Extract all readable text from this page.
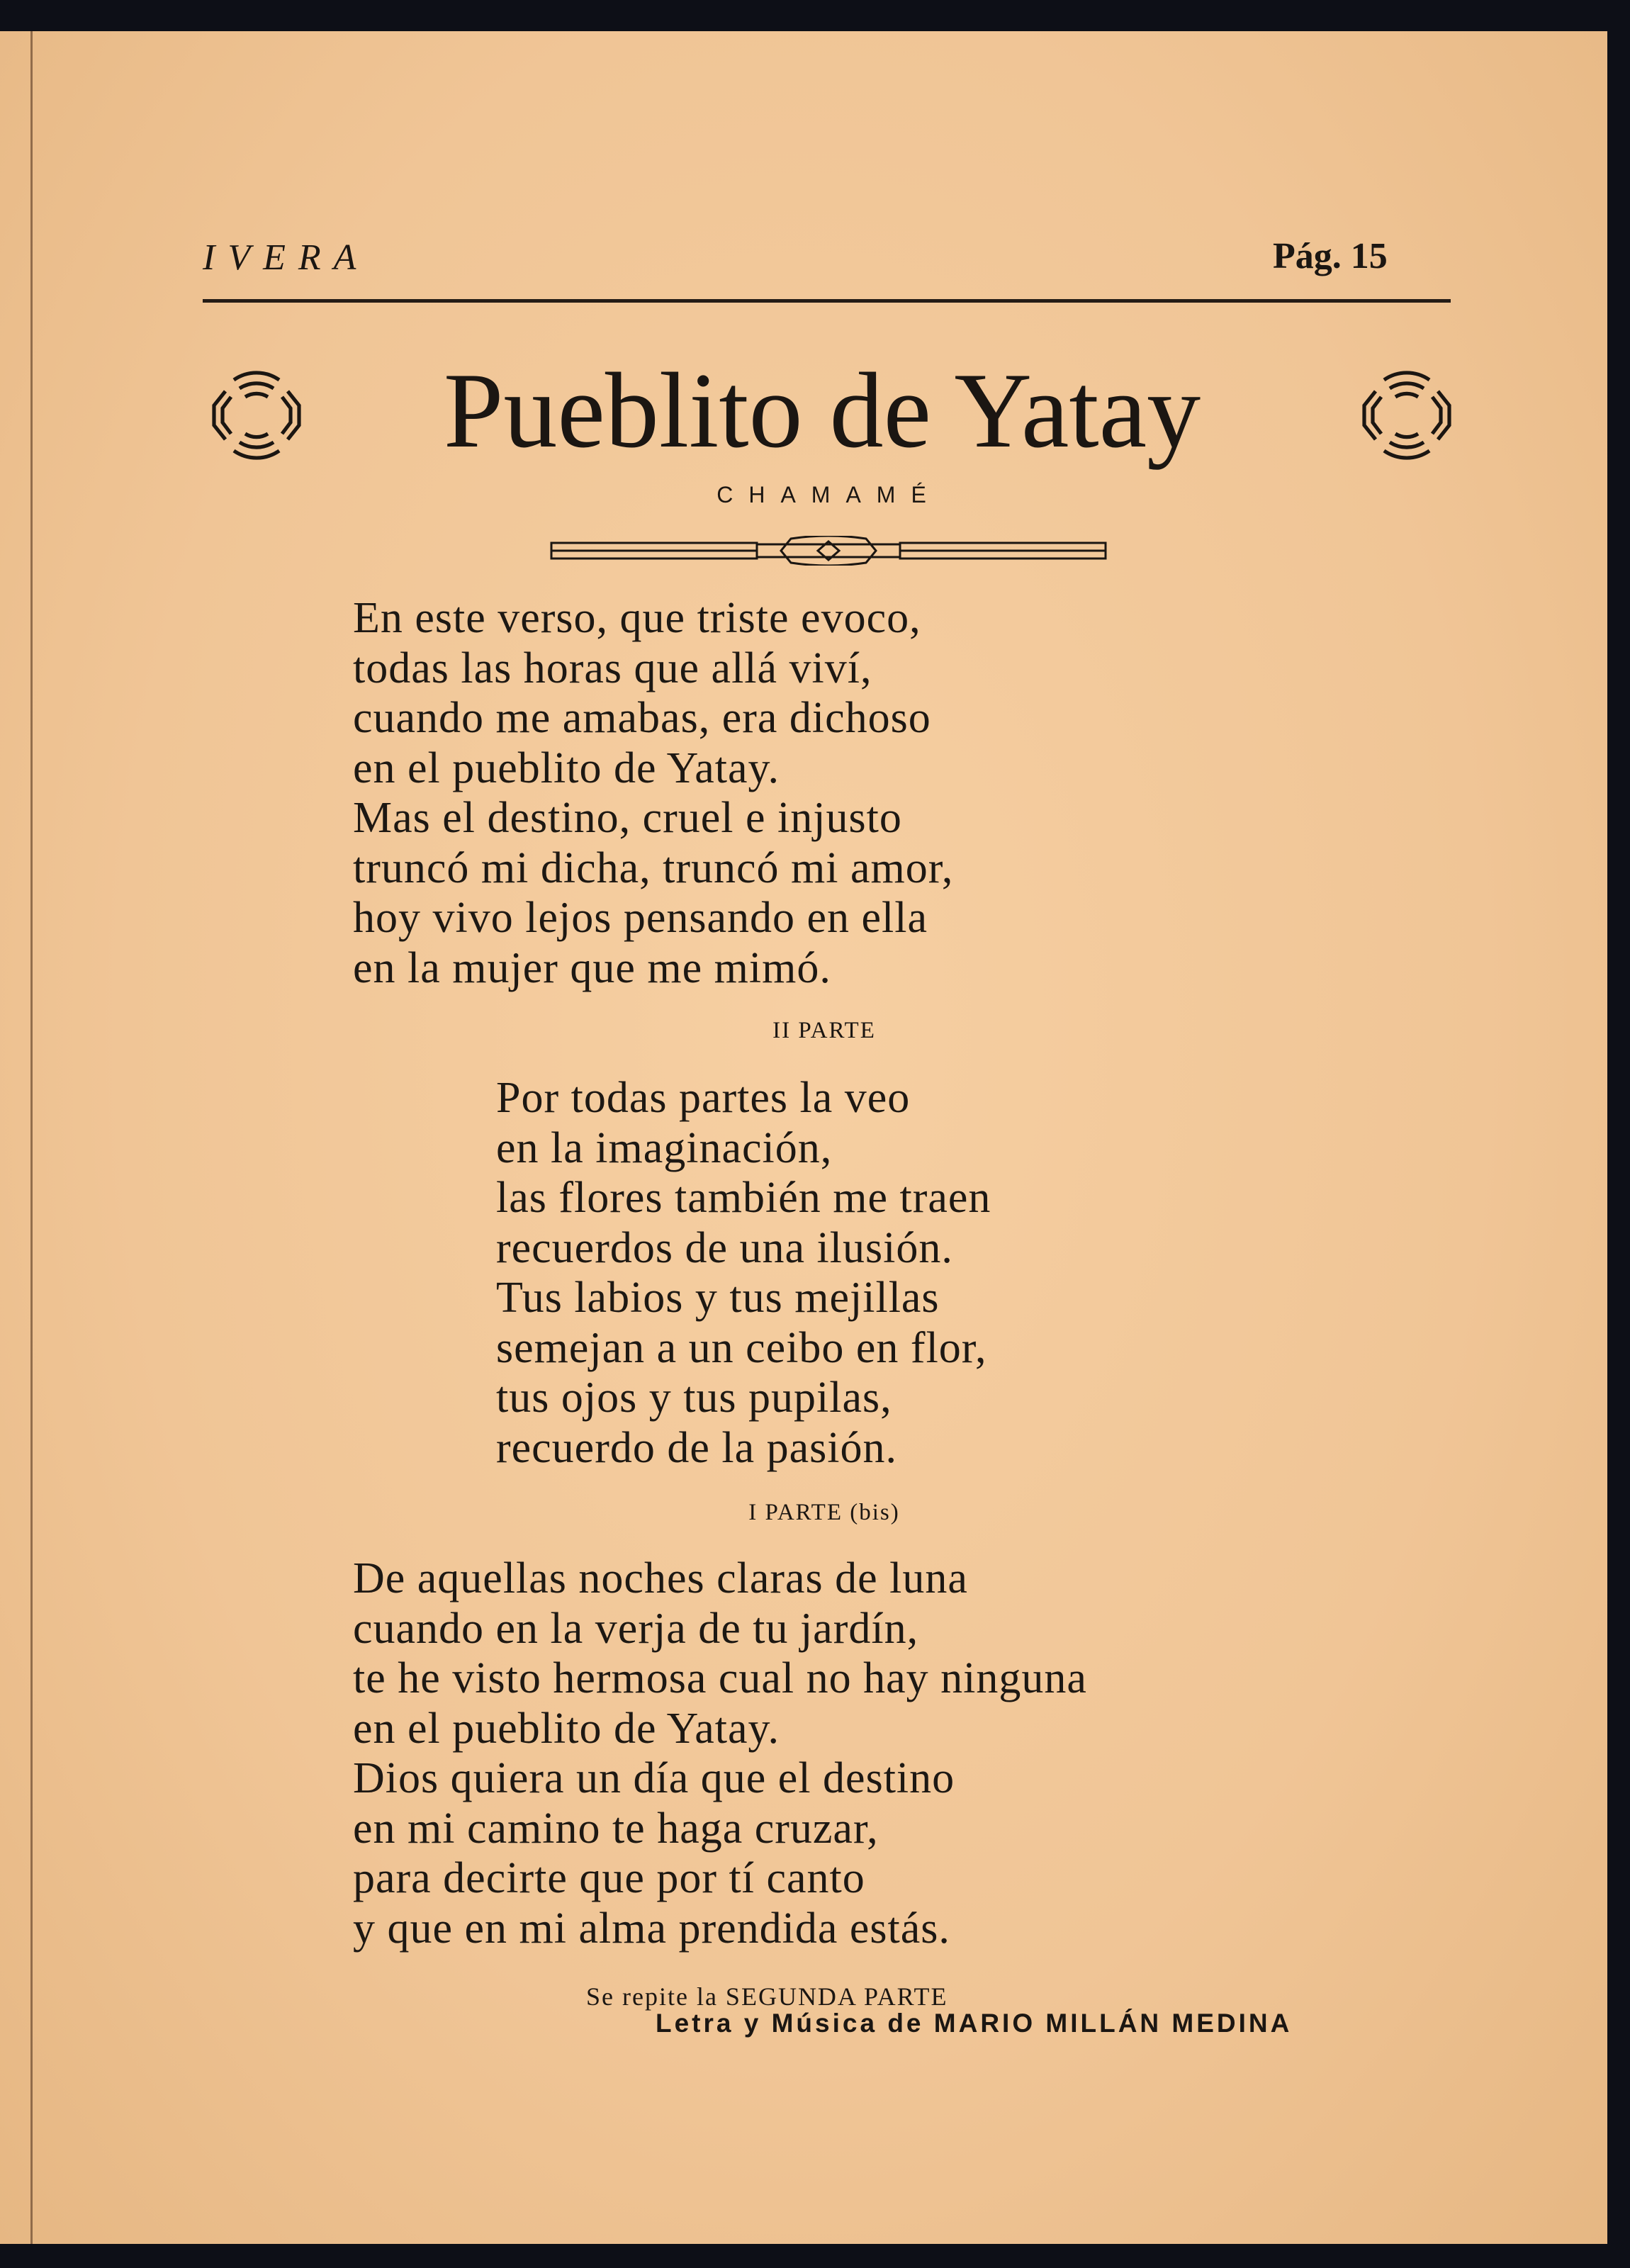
IVERA	Pág. 15
Pueblito de Yatay
CHAMAMÉ
En este verso, que triste evoco,
todas las horas que allá viví,
cuando me amabas, era dichoso
en el pueblito de Yatay.
Mas el destino, cruel e injusto
truncó mi dicha, truncó mi amor,
hoy vivo lejos pensando en ella
en la mujer que me mimó.
II PARTE
Por todas partes la veo
en la imaginación,
las flores también me traen
recuerdos de una ilusión.
Tus labios y tus mejillas
semejan a un ceibo en flor,
tus ojos y tus pupilas,
recuerdo de la pasión.
I PARTE (bis)
De aquellas noches claras de luna
cuando en la verja de tu jardín,
te he visto hermosa cual no hay ninguna
en el pueblito de Yatay.
Dios quiera un día que el destino
en mi camino te haga cruzar,
para decirte que por tí canto
y que en mi alma prendida estás.
Se repite la SEGUNDA PARTE
Letra y Música de MARIO MILLÁN MEDINA
